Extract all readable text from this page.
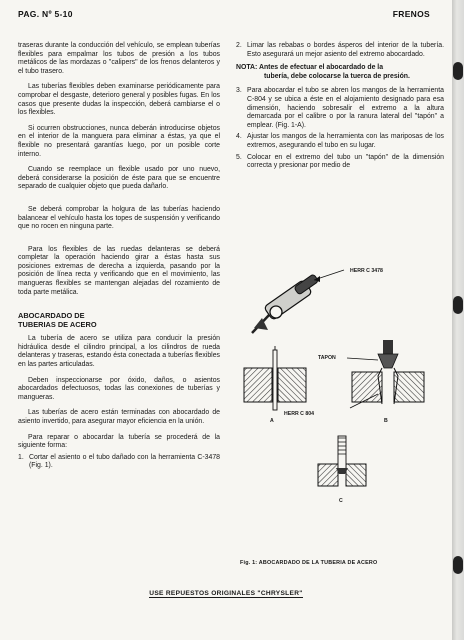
PAG. Nº 5-10	FRENOS

traseras durante la conducción del vehículo, se emplean tuberías flexibles para empalmar los tubos de presión a los tubos metálicos de las mordazas o "calipers" de los frenos delanteros y el tubo trasero.

Las tuberías flexibles deben examinarse periódicamente para comprobar el desgaste, deterioro general y posibles fugas. En los casos que presente dudas la inspección, deberá cambiarse el o los flexibles.

Si ocurren obstrucciones, nunca deberán introducirse objetos en el interior de la manguera para eliminar a éstas, ya que el flexible no presentará garantías luego, por un posible corte interno.

Cuando se reemplace un flexible usado por uno nuevo, deberá considerarse la posición de éste para que se encuentre separado de cualquier objeto que pueda dañarlo.

Se deberá comprobar la holgura de las tuberías haciendo balancear el vehículo hasta los topes de suspensión y verificando que no rocen en ninguna parte.

Para los flexibles de las ruedas delanteras se deberá completar la operación haciendo girar a éstas hasta sus posiciones extremas de derecha a izquierda, pasando por la posición de línea recta y verificando que en el movimiento, las mangueras flexibles se mantengan alejadas del rozamiento de toda parte metálica.

ABOCARDADO DE
TUBERIAS DE ACERO

La tubería de acero se utiliza para conducir la presión hidráulica desde el cilindro principal, a los cilindros de rueda delanteras y traseras, estando ésta conectada a tuberías flexibles en las partes articuladas.

Deben inspeccionarse por óxido, daños, o asientos abocardados defectuosos, todas las conexiones de tuberías y mangueras.

Las tuberías de acero están terminadas con abocardado de asiento invertido, para asegurar mayor eficiencia en la unión.

Para reparar o abocardar la tubería se procederá de la siguiente forma:

1. Cortar el asiento o el tubo dañado con la herramienta C-3478 (Fig. 1).
2. Limar las rebabas o bordes ásperos del interior de la tubería. Esto asegurará un mejor asiento del extremo abocardado.
NOTA: Antes de efectuar el abocardado de la
tubería, debe colocarse la tuerca de presión.
3. Para abocardar el tubo se abren los mangos de la herramienta C-804 y se ubica a éste en el alojamiento designado para esa dimensión, haciendo sobresalir el extremo a la altura demarcada por el calibre o por la ranura lateral del "tapón" a emplear. (Fig. 1-A).
4. Ajustar los mangos de la herramienta con las mariposas de los extremos, asegurando el tubo en su lugar.
5. Colocar en el extremo del tubo un "tapón" de la dimensión correcta y presionar por medio de
HERR C 3478
A
TAPON
HERR C 804
B
C
Fig. 1: ABOCARDADO DE LA TUBERIA DE ACERO
USE REPUESTOS ORIGINALES "CHRYSLER"
